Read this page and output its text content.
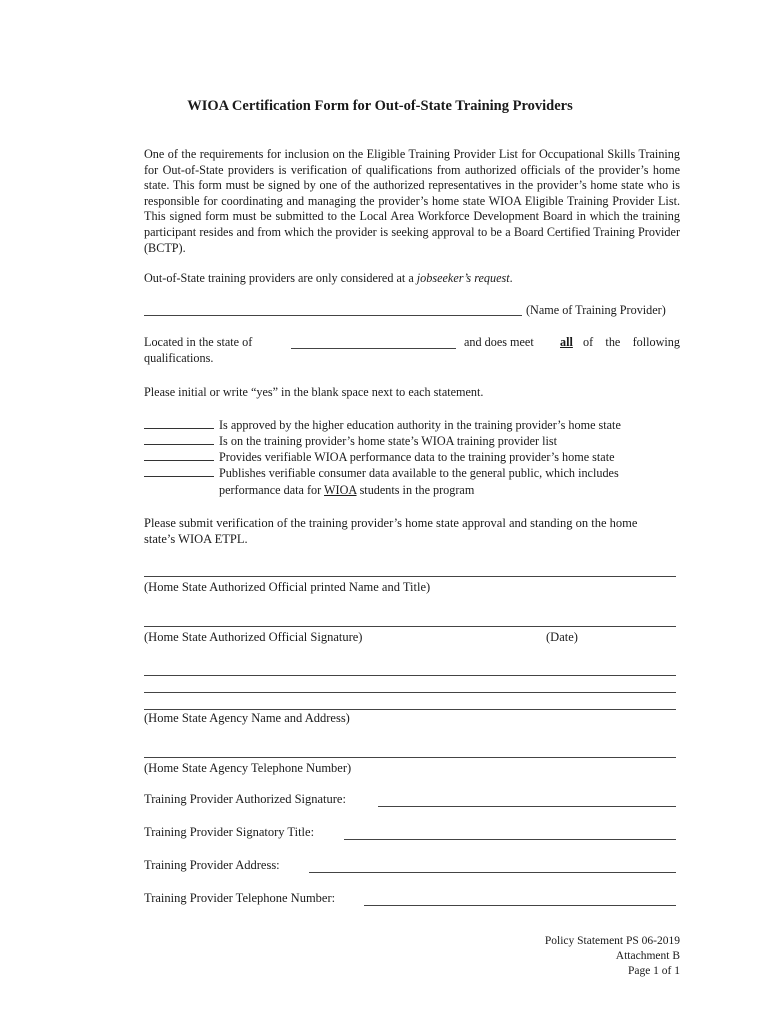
WIOA Certification Form for Out-of-State Training Providers
One of the requirements for inclusion on the Eligible Training Provider List for Occupational Skills Training for Out-of-State providers is verification of qualifications from authorized officials of the provider’s home state. This form must be signed by one of the authorized representatives in the provider’s home state who is responsible for coordinating and managing the provider’s home state WIOA Eligible Training Provider List. This signed form must be submitted to the Local Area Workforce Development Board in which the training participant resides and from which the provider is seeking approval to be a Board Certified Training Provider (BCTP).
Out-of-State training providers are only considered at a jobseeker’s request.
(Name of Training Provider)
Located in the state of	and does meet all of the following
qualifications.
Please initial or write “yes” in the blank space next to each statement.
Is approved by the higher education authority in the training provider’s home state
Is on the training provider’s home state’s WIOA training provider list
Provides verifiable WIOA performance data to the training provider’s home state
Publishes verifiable consumer data available to the general public, which includes
performance data for WIOA students in the program
Please submit verification of the training provider’s home state approval and standing on the home state’s WIOA ETPL.
(Home State Authorized Official printed Name and Title)
(Home State Authorized Official Signature)	(Date)
(Home State Agency Name and Address)
(Home State Agency Telephone Number)
Training Provider Authorized Signature:
Training Provider Signatory Title:
Training Provider Address:
Training Provider Telephone Number:
Policy Statement PS 06-2019
Attachment B
Page 1 of 1
